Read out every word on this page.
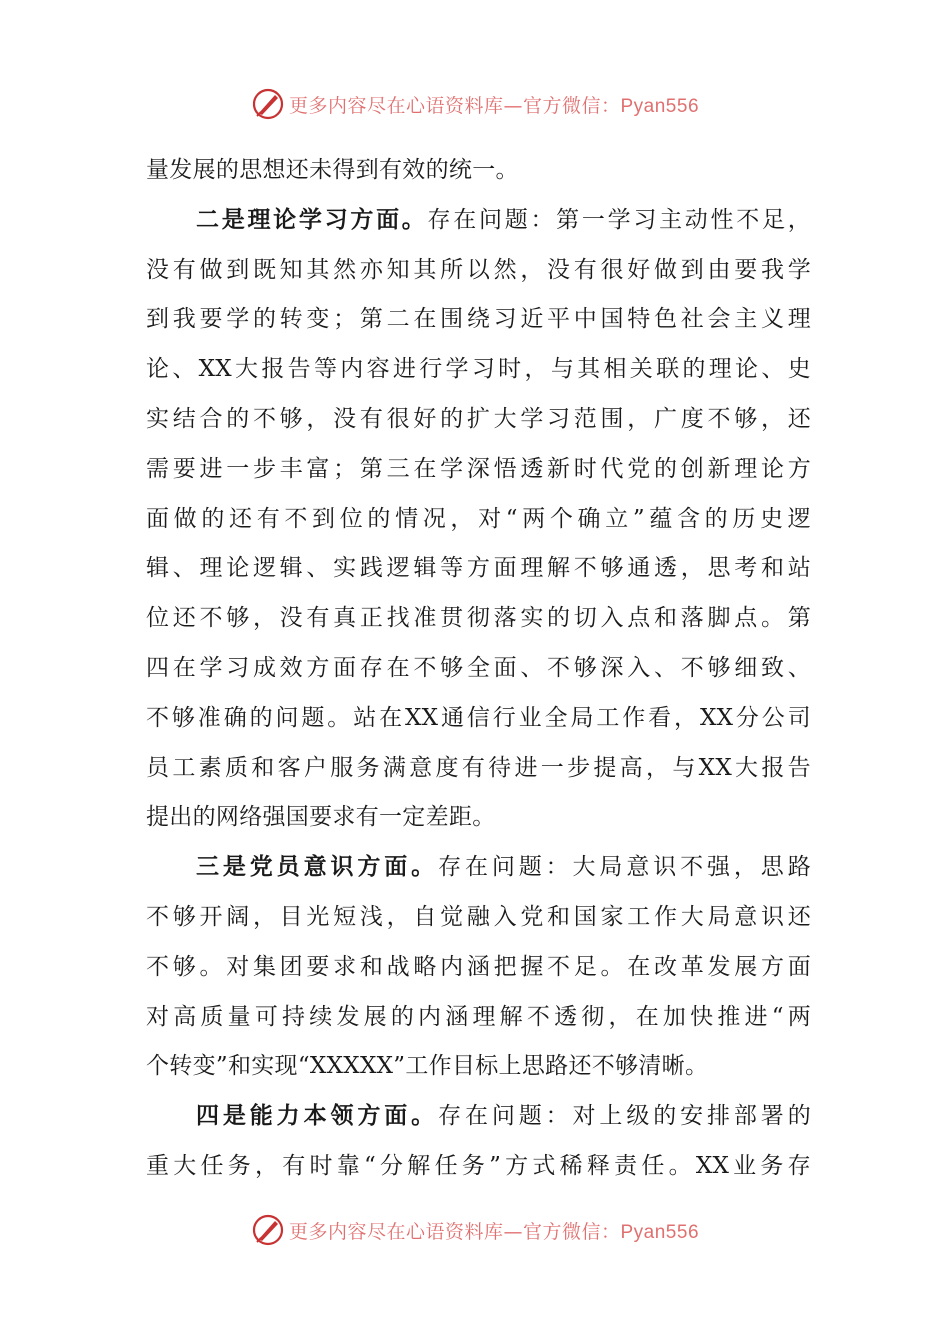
更多内容尽在心语资料库—官方微信：Pyan556
量发展的思想还未得到有效的统一。
二是理论学习方面。存在问题：第一学习主动性不足，
没有做到既知其然亦知其所以然，没有很好做到由要我学
到我要学的转变；第二在围绕习近平中国特色社会主义理
论、XX大报告等内容进行学习时，与其相关联的理论、史
实结合的不够，没有很好的扩大学习范围，广度不够，还
需要进一步丰富；第三在学深悟透新时代党的创新理论方
面做的还有不到位的情况，对“两个确立”蕴含的历史逻
辑、理论逻辑、实践逻辑等方面理解不够通透，思考和站
位还不够，没有真正找准贯彻落实的切入点和落脚点。第
四在学习成效方面存在不够全面、不够深入、不够细致、
不够准确的问题。站在XX通信行业全局工作看，XX分公司
员工素质和客户服务满意度有待进一步提高，与XX大报告
提出的网络强国要求有一定差距。
三是党员意识方面。存在问题：大局意识不强，思路
不够开阔，目光短浅，自觉融入党和国家工作大局意识还
不够。对集团要求和战略内涵把握不足。在改革发展方面
对高质量可持续发展的内涵理解不透彻，在加快推进“两
个转变”和实现“XXXXX”工作目标上思路还不够清晰。
四是能力本领方面。存在问题：对上级的安排部署的
重大任务，有时靠“分解任务”方式稀释责任。XX业务存
更多内容尽在心语资料库—官方微信：Pyan556
